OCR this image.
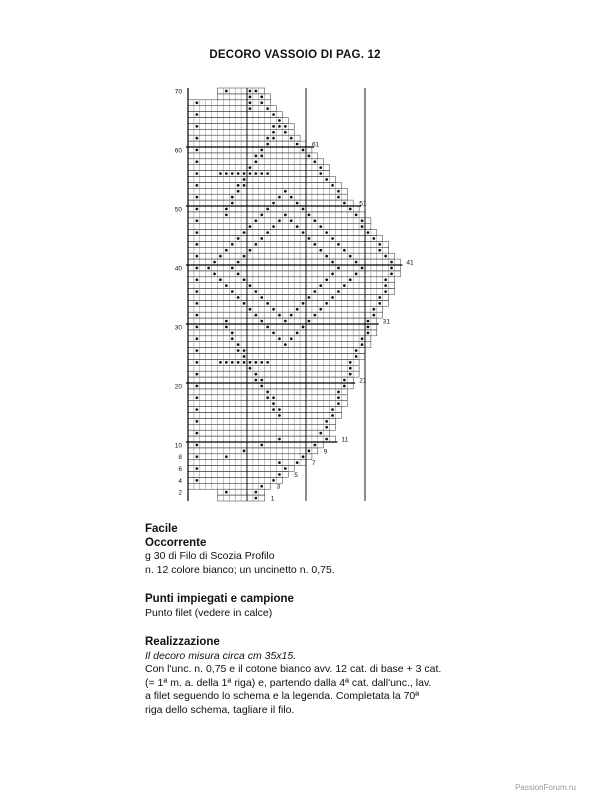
DECORO VASSOIO DI PAG. 12
70
60
50
40
30
20
10
8
6
4
2
61
51
41
31
21
11
9
7
5
3
1
Facile
Occorrente
g 30 di Filo di Scozia Profilo
n. 12 colore bianco; un uncinetto n. 0,75.
Punti impiegati e campione
Punto filet (vedere in calce)
Realizzazione
Il decoro misura circa cm 35x15.
Con l'unc. n. 0,75 e il cotone bianco avv. 12 cat. di base + 3 cat.
(= 1ª m. a. della 1ª riga) e, partendo dalla 4ª cat. dall'unc., lav.
a filet seguendo lo schema e la legenda. Completata la 70ª
riga dello schema, tagliare il filo.
PassionForum.ru
